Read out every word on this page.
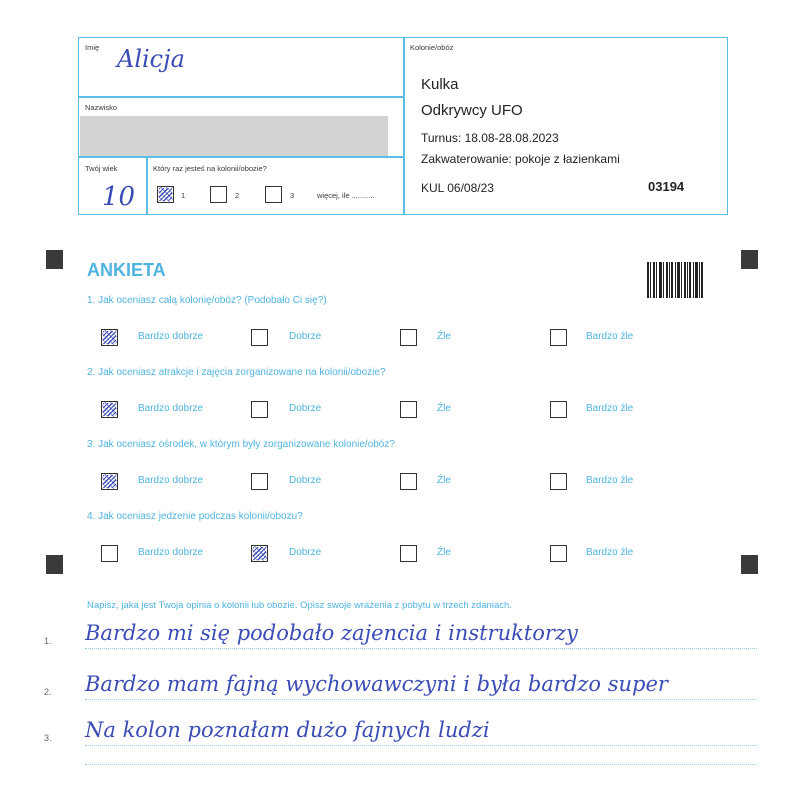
Imię Alicja
Nazwisko
Twój wiek
10
Który raz jesteś na kolonii/obozie?
1	2	3	więcej, ile ...........
Kolonie/obóz
Kulka
Odkrywcy UFO
Turnus: 18.08-28.08.2023
Zakwaterowanie: pokoje z łazienkami
KUL 06/08/23	03194
ANKIETA
1. Jak oceniasz całą kolonię/obóz? (Podobało Ci się?)
Bardzo dobrze	Dobrze	Źle	Bardzo źle
2. Jak oceniasz atrakcje i zajęcia zorganizowane na kolonii/obozie?
Bardzo dobrze	Dobrze	Źle	Bardzo źle
3. Jak oceniasz ośrodek, w którym były zorganizowane kolonie/obóz?
Bardzo dobrze	Dobrze	Źle	Bardzo źle
4. Jak oceniasz jedzenie podczas kolonii/obozu?
Bardzo dobrze	Dobrze	Źle	Bardzo źle
Napisz, jaka jest Twoja opinia o kolonii lub obozie. Opisz swoje wrażenia z pobytu w trzech zdaniach.
1. Bardzo mi się podobało zajencia i instruktorzy
2. Bardzo mam fajną wychowawczyni i była bardzo super
3. Na kolon poznałam dużo fajnych ludzi
